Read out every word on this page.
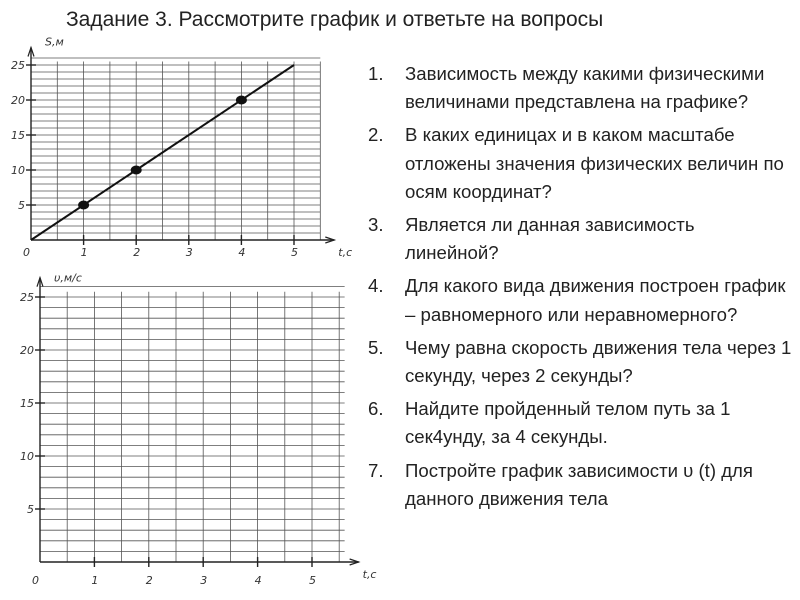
Задание 3. Рассмотрите график и ответьте на вопросы
0	1	2	3	4	5
5
10
15
20
25
S,м
t,c
0	1	2	3	4	5
5
10
15
20
25
υ,м/с
t,c
1. Зависимость между какими физическими величинами представлена на графике?
2. В каких единицах и в каком масштабе отложены значения физических величин по осям координат?
3. Является ли данная зависимость линейной?
4. Для какого вида движения построен график – равномерного или неравномерного?
5. Чему равна скорость движения тела через 1 секунду, через 2 секунды?
6. Найдите пройденный телом путь за 1 сек4унду, за 4 секунды.
7. Постройте график зависимости υ (t) для данного движения тела
